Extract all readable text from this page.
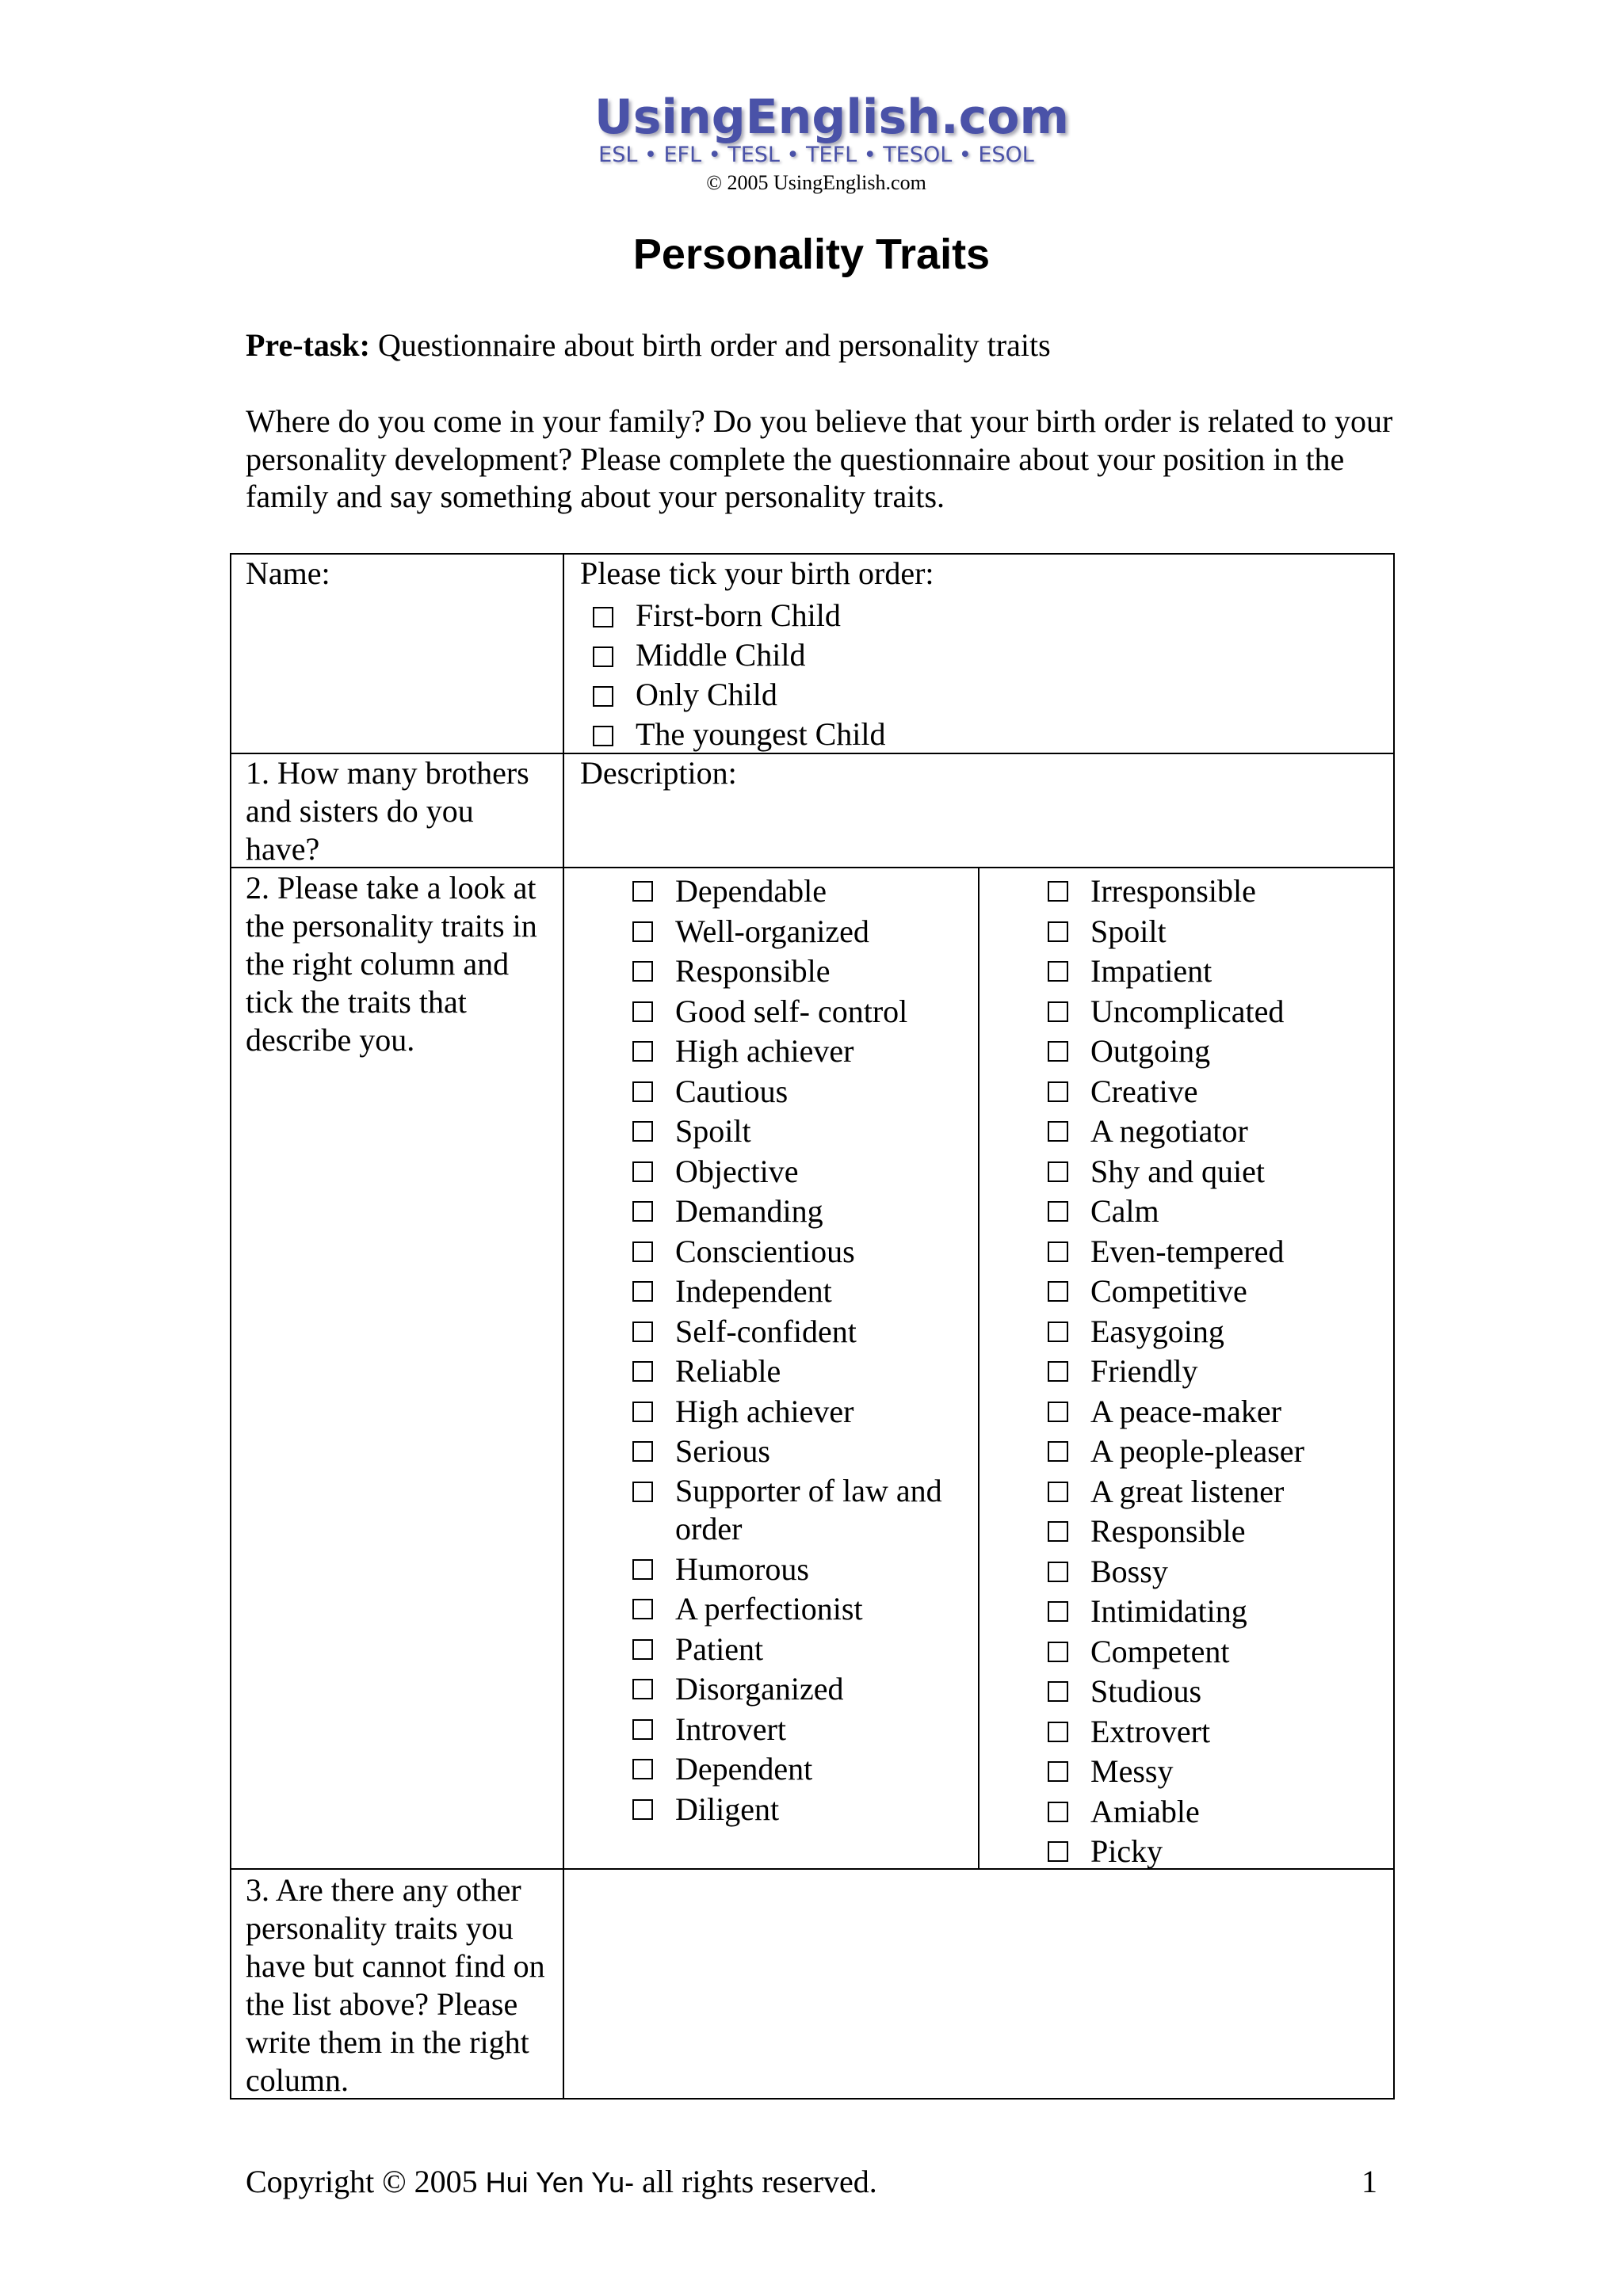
UsingEnglish.com
ESL • EFL • TESL • TEFL • TESOL • ESOL
© 2005 UsingEnglish.com
Personality Traits
Pre-task: Questionnaire about birth order and personality traits
Where do you come in your family? Do you believe that your birth order is related to your personality development? Please complete the questionnaire about your position in the family and say something about your personality traits.
Name:	Please tick your birth order:
First-born Child
Middle Child
Only Child
The youngest Child
1. How many brothers and sisters do you have?
Description:
2. Please take a look at the personality traits in the right column and tick the traits that describe you.
Dependable
Well-organized
Responsible
Good self- control
High achiever
Cautious
Spoilt
Objective
Demanding
Conscientious
Independent
Self-confident
Reliable
High achiever
Serious
Supporter of law and order
Humorous
A perfectionist
Patient
Disorganized
Introvert
Dependent
Diligent
Irresponsible
Spoilt
Impatient
Uncomplicated
Outgoing
Creative
A negotiator
Shy and quiet
Calm
Even-tempered
Competitive
Easygoing
Friendly
A peace-maker
A people-pleaser
A great listener
Responsible
Bossy
Intimidating
Competent
Studious
Extrovert
Messy
Amiable
Picky
3. Are there any other personality traits you have but cannot find on the list above? Please write them in the right column.
Copyright © 2005 Hui Yen Yu- all rights reserved.	1
